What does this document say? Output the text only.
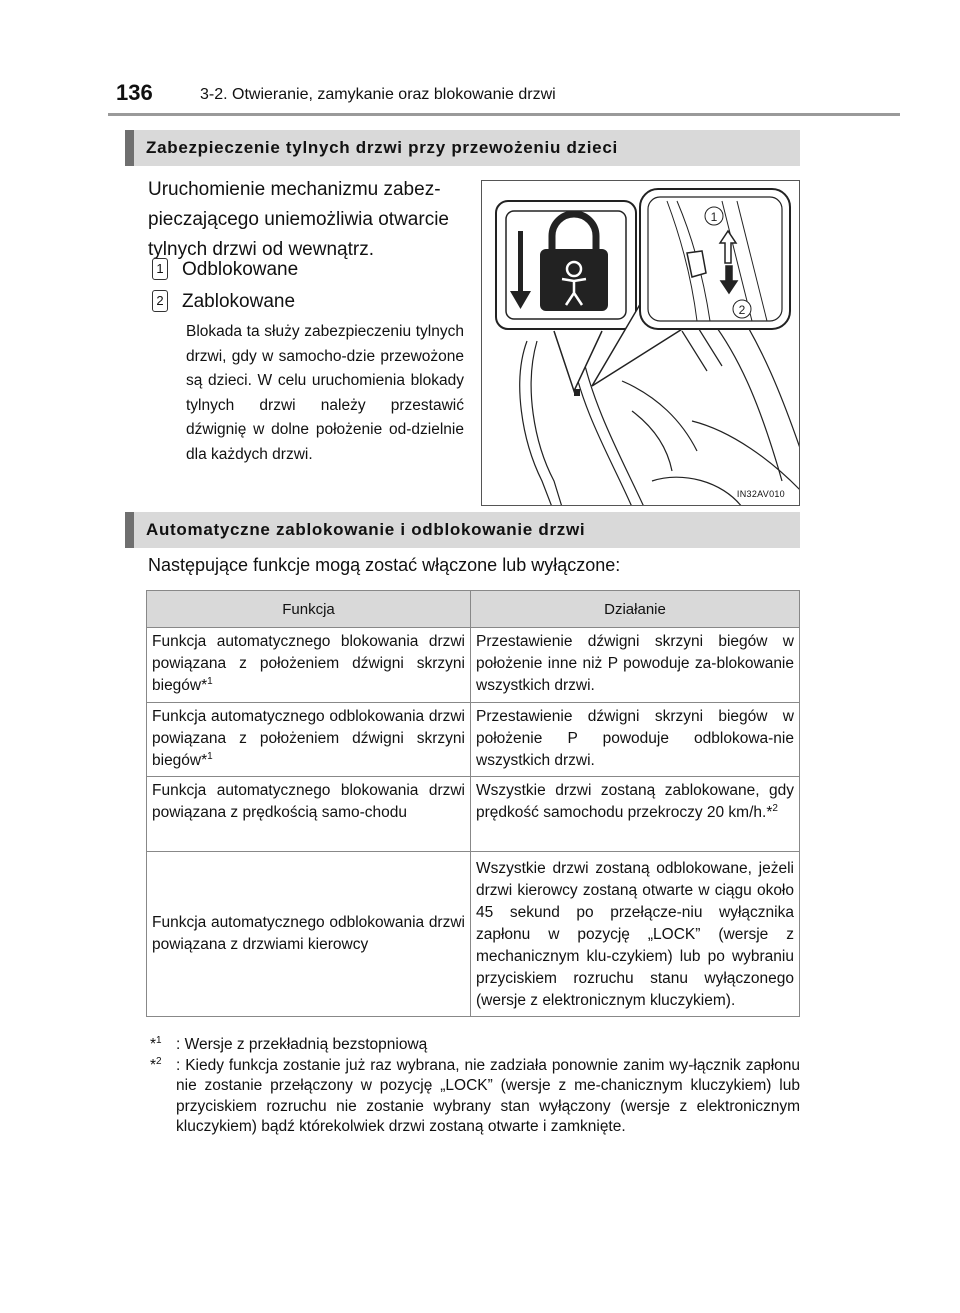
136	3-2. Otwieranie, zamykanie oraz blokowanie drzwi
Zabezpieczenie tylnych drzwi przy przewożeniu dzieci
Uruchomienie mechanizmu zabez-pieczającego uniemożliwia otwarcie tylnych drzwi od wewnątrz.
1 Odblokowane
2 Zablokowane
Blokada ta służy zabezpieczeniu tylnych drzwi, gdy w samocho-dzie przewożone są dzieci. W celu uruchomienia blokady tylnych drzwi należy przestawić dźwignię w dolne położenie od-dzielnie dla każdych drzwi.
1
2
IN32AV010
Automatyczne zablokowanie i odblokowanie drzwi
Następujące funkcje mogą zostać włączone lub wyłączone:
Funkcja	Działanie
Funkcja automatycznego blokowania drzwi powiązana z położeniem dźwigni skrzyni biegów*$^1$	Przestawienie dźwigni skrzyni biegów w położenie inne niż P powoduje za-blokowanie wszystkich drzwi.
Funkcja automatycznego odblokowania drzwi powiązana z położeniem dźwigni skrzyni biegów*$^1$	Przestawienie dźwigni skrzyni biegów w położenie P powoduje odblokowa-nie wszystkich drzwi.
Funkcja automatycznego blokowania drzwi powiązana z prędkością samo-chodu	Wszystkie drzwi zostaną zablokowane, gdy prędkość samochodu przekroczy 20 km/h.*$^2$
Funkcja automatycznego odblokowania drzwi powiązana z drzwiami kierowcy	Wszystkie drzwi zostaną odblokowane, jeżeli drzwi kierowcy zostaną otwarte w ciągu około 45 sekund po przełącze-niu wyłącznika zapłonu w pozycję „LOCK” (wersje z mechanicznym klu-czykiem) lub po wybraniu przyciskiem rozruchu stanu wyłączonego (wersje z elektronicznym kluczykiem).
*$^1$ : Wersje z przekładnią bezstopniową
*$^2$ : Kiedy funkcja zostanie już raz wybrana, nie zadziała ponownie zanim wy-łącznik zapłonu nie zostanie przełączony w pozycję „LOCK” (wersje z me-chanicznym kluczykiem) lub przyciskiem rozruchu nie zostanie wybrany stan wyłączony (wersje z elektronicznym kluczykiem) bądź którekolwiek drzwi zostaną otwarte i zamknięte.
